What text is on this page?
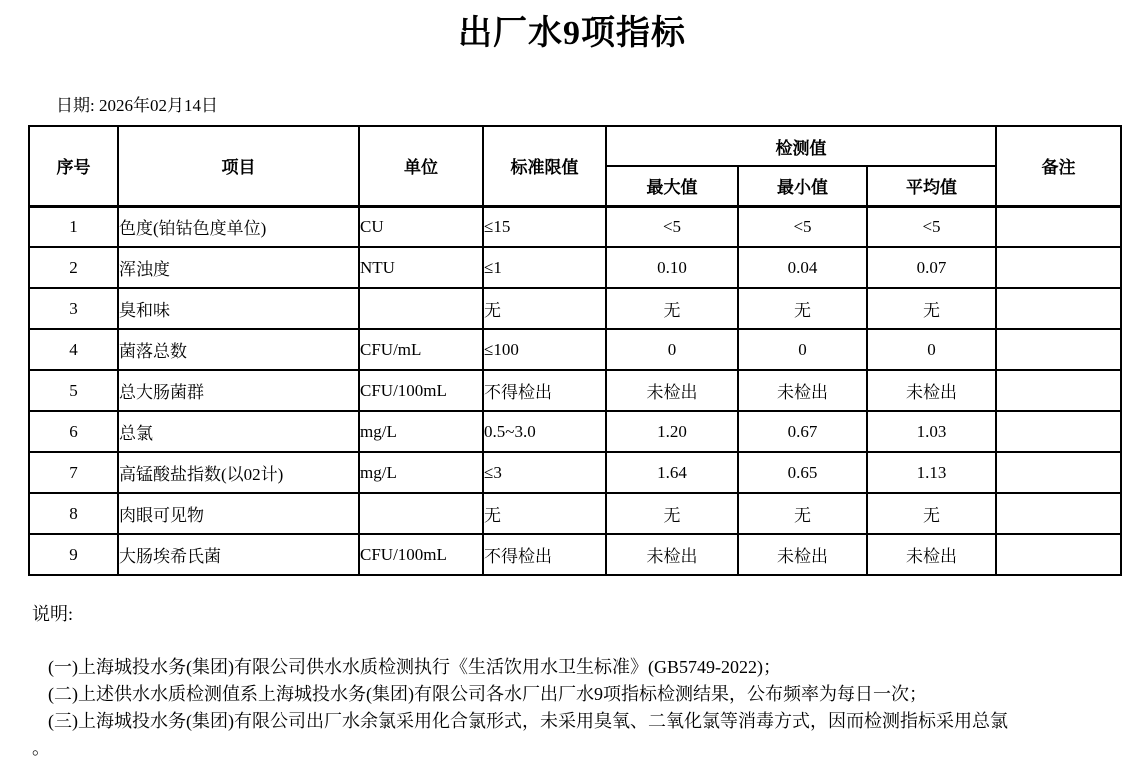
出厂水9项指标
日期: 2026年02月14日
序号	项目	单位	标准限值	检测值			备注
				最大值	最小值	平均值	
1	色度(铂钴色度单位)	CU	≤15	<5	<5	<5	
2	浑浊度	NTU	≤1	0.10	0.04	0.07	
3	臭和味		无	无	无	无	
4	菌落总数	CFU/mL	≤100	0	0	0	
5	总大肠菌群	CFU/100mL	不得检出	未检出	未检出	未检出	
6	总氯	mg/L	0.5~3.0	1.20	0.67	1.03	
7	高锰酸盐指数(以02计)	mg/L	≤3	1.64	0.65	1.13	
8	肉眼可见物		无	无	无	无	
9	大肠埃希氏菌	CFU/100mL	不得检出	未检出	未检出	未检出	
说明:
(一)上海城投水务(集团)有限公司供水水质检测执行《生活饮用水卫生标准》(GB5749-2022)；
(二)上述供水水质检测值系上海城投水务(集团)有限公司各水厂出厂水9项指标检测结果，公布频率为每日一次；
(三)上海城投水务(集团)有限公司出厂水余氯采用化合氯形式，未采用臭氧、二氧化氯等消毒方式，因而检测指标采用总氯
。
